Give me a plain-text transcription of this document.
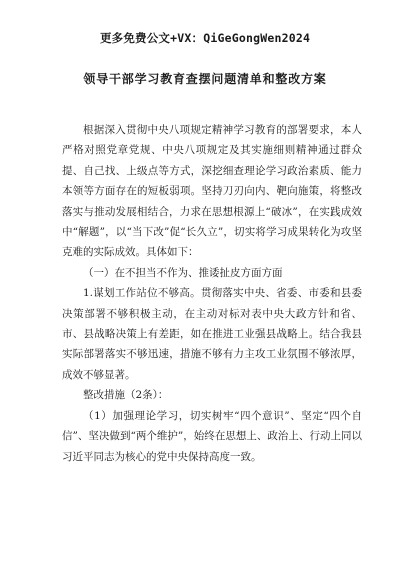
更多免费公文+VX：QiGeGongWen2024
领导干部学习教育查摆问题清单和整改方案

根据深入贯彻中央八项规定精神学习教育的部署要求，本人严格对照党章党规、中央八项规定及其实施细则精神通过群众提、自己找、上级点等方式，深挖细查理论学习政治素质、能力本领等方面存在的短板弱项。坚持刀刃向内、靶向施策，将整改落实与推动发展相结合，力求在思想根源上“破冰”，在实践成效中“解题”，以“当下改”促“长久立”，切实将学习成果转化为攻坚克难的实际成效。具体如下：

（一）在不担当不作为、推诿扯皮方面方面

1.谋划工作站位不够高。贯彻落实中央、省委、市委和县委决策部署不够积极主动，在主动对标对表中央大政方针和省、市、县战略决策上有差距，如在推进工业强县战略上。结合我县实际部署落实不够迅速，措施不够有力主攻工业氛围不够浓厚，成效不够显著。

整改措施（2条）：

（1）加强理论学习，切实树牢“四个意识”、坚定“四个自信”、坚决做到“两个维护”，始终在思想上、政治上、行动上同以习近平同志为核心的党中央保持高度一致。
